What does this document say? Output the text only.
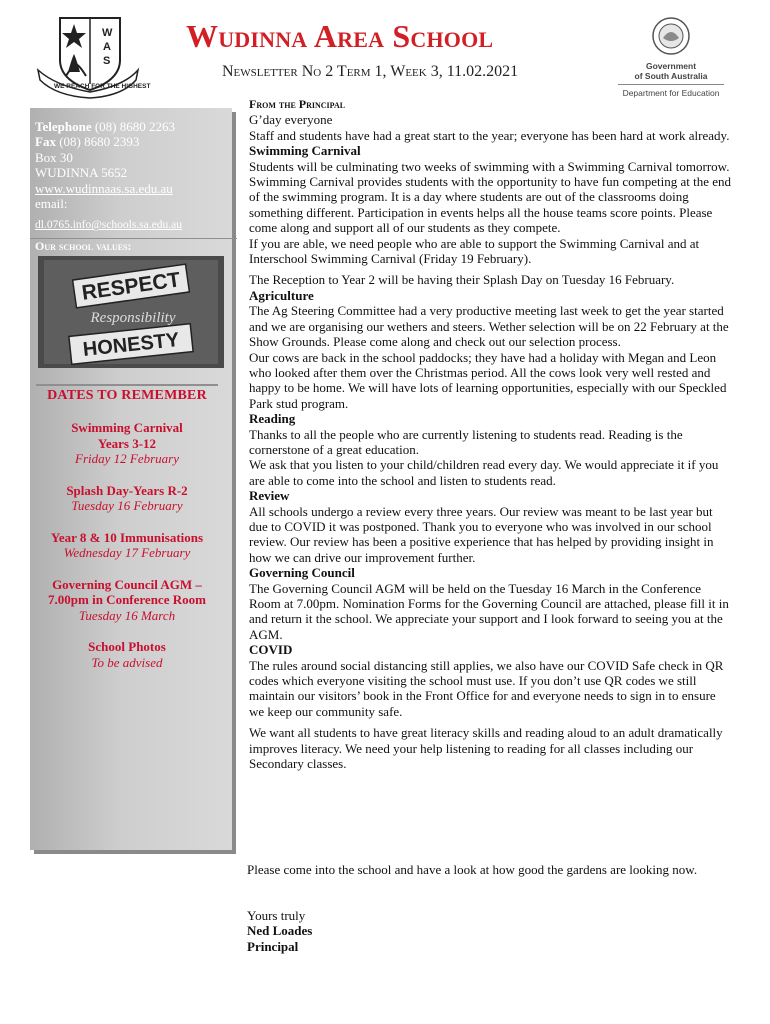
W
A
S
WE REACH FOR THE HIGHEST
Wudinna Area School
Newsletter No 2 Term 1, Week 3, 11.02.2021	Government
of South Australia
Department for Education
Telephone (08) 8680 2263
Fax (08) 8680 2393
Box 30
WUDINNA 5652
www.wudinnaas.sa.edu.au
email:
dl.0765.info@schools.sa.edu.au
Our school values:
RESPECT
Responsibility
HONESTY
DATES TO REMEMBER
Swimming Carnival
Years 3-12
Friday 12 February
Splash Day-Years R-2
Tuesday 16 February
Year 8 & 10 Immunisations
Wednesday 17 February
Governing Council AGM –
7.00pm in Conference Room
Tuesday 16 March
School Photos
To be advised

From the Principal

G’day everyone

Staff and students have had a great start to the year; everyone has been hard at work already.

Swimming Carnival

Students will be culminating two weeks of swimming with a Swimming Carnival tomorrow. Swimming Carnival provides students with the opportunity to have fun competing at the end of the swimming program. It is a day where students are out of the classrooms doing something different. Participation in events helps all the house teams score points. Please come along and support all of our students as they compete.

If you are able, we need people who are able to support the Swimming Carnival and at Interschool Swimming Carnival (Friday 19 February).

The Reception to Year 2 will be having their Splash Day on Tuesday 16 February.

Agriculture

The Ag Steering Committee had a very productive meeting last week to get the year started and we are organising our wethers and steers. Wether selection will be on 22 February at the Show Grounds. Please come along and check out our selection process.

Our cows are back in the school paddocks; they have had a holiday with Megan and Leon who looked after them over the Christmas period. All the cows look very well rested and happy to be home. We will have lots of learning opportunities, especially with our Speckled Park stud program.

Reading

Thanks to all the people who are currently listening to students read. Reading is the cornerstone of a great education.

We ask that you listen to your child/children read every day. We would appreciate it if you are able to come into the school and listen to students read.

Review

All schools undergo a review every three years. Our review was meant to be last year but due to COVID it was postponed. Thank you to everyone who was involved in our school review. Our review has been a positive experience that has helped by providing insight in how we can drive our improvement further.

Governing Council

The Governing Council AGM will be held on the Tuesday 16 March in the Conference Room at 7.00pm. Nomination Forms for the Governing Council are attached, please fill it in and return it the school. We appreciate your support and I look forward to seeing you at the AGM.

COVID

The rules around social distancing still applies, we also have our COVID Safe check in QR codes which everyone visiting the school must use. If you don’t use QR codes we still maintain our visitors’ book in the Front Office for and everyone needs to sign in to ensure we keep our community safe.

We want all students to have great literacy skills and reading aloud to an adult dramatically improves literacy. We need your help listening to reading for all classes including our Secondary classes.

Please come into the school and have a look at how good the gardens are looking now.

Yours truly
Ned Loades
Principal
